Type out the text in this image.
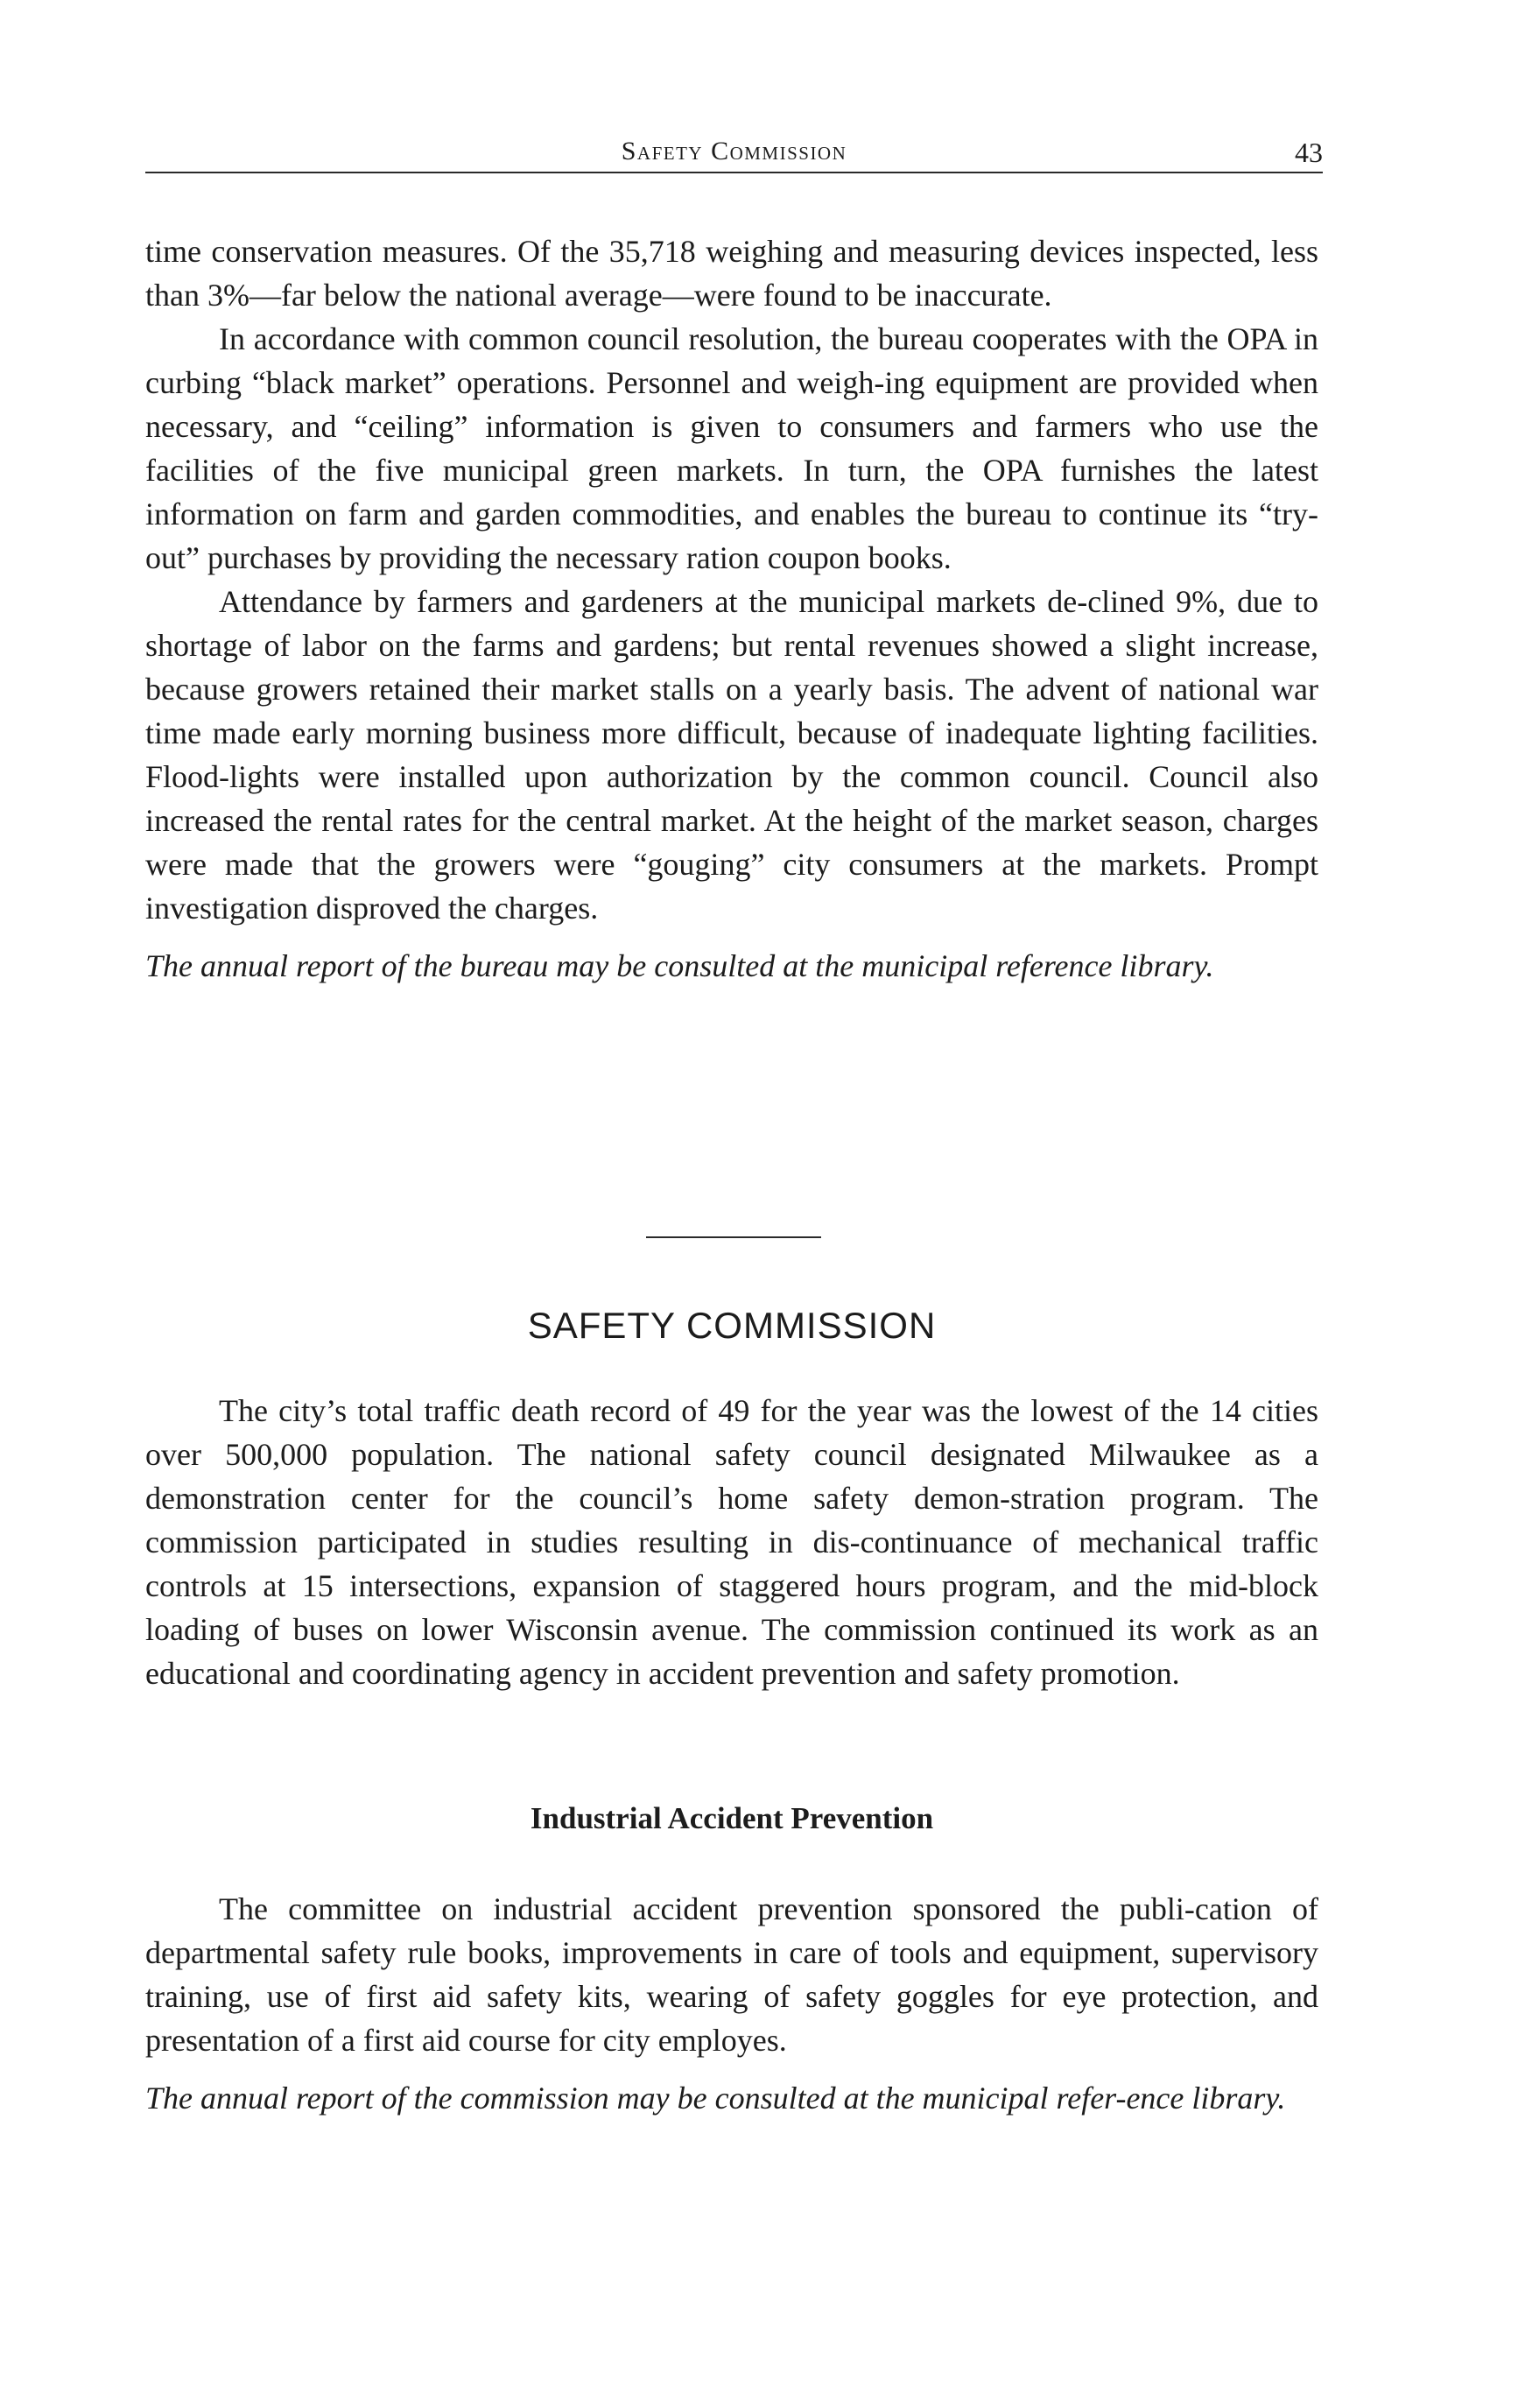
Safety Commission	43

time conservation measures. Of the 35,718 weighing and measuring devices inspected, less than 3%—far below the national average—were found to be inaccurate.

In accordance with common council resolution, the bureau cooperates with the OPA in curbing “black market” operations. Personnel and weigh-ing equipment are provided when necessary, and “ceiling” information is given to consumers and farmers who use the facilities of the five municipal green markets. In turn, the OPA furnishes the latest information on farm and garden commodities, and enables the bureau to continue its “try-out” purchases by providing the necessary ration coupon books.

Attendance by farmers and gardeners at the municipal markets de-clined 9%, due to shortage of labor on the farms and gardens; but rental revenues showed a slight increase, because growers retained their market stalls on a yearly basis. The advent of national war time made early morning business more difficult, because of inadequate lighting facilities. Flood-lights were installed upon authorization by the common council. Council also increased the rental rates for the central market. At the height of the market season, charges were made that the growers were “gouging” city consumers at the markets. Prompt investigation disproved the charges.

The annual report of the bureau may be consulted at the municipal reference library.
SAFETY COMMISSION

The city’s total traffic death record of 49 for the year was the lowest of the 14 cities over 500,000 population. The national safety council designated Milwaukee as a demonstration center for the council’s home safety demon-stration program. The commission participated in studies resulting in dis-continuance of mechanical traffic controls at 15 intersections, expansion of staggered hours program, and the mid-block loading of buses on lower Wisconsin avenue. The commission continued its work as an educational and coordinating agency in accident prevention and safety promotion.

Industrial Accident Prevention

The committee on industrial accident prevention sponsored the publi-cation of departmental safety rule books, improvements in care of tools and equipment, supervisory training, use of first aid safety kits, wearing of safety goggles for eye protection, and presentation of a first aid course for city employes.

The annual report of the commission may be consulted at the municipal refer-ence library.
